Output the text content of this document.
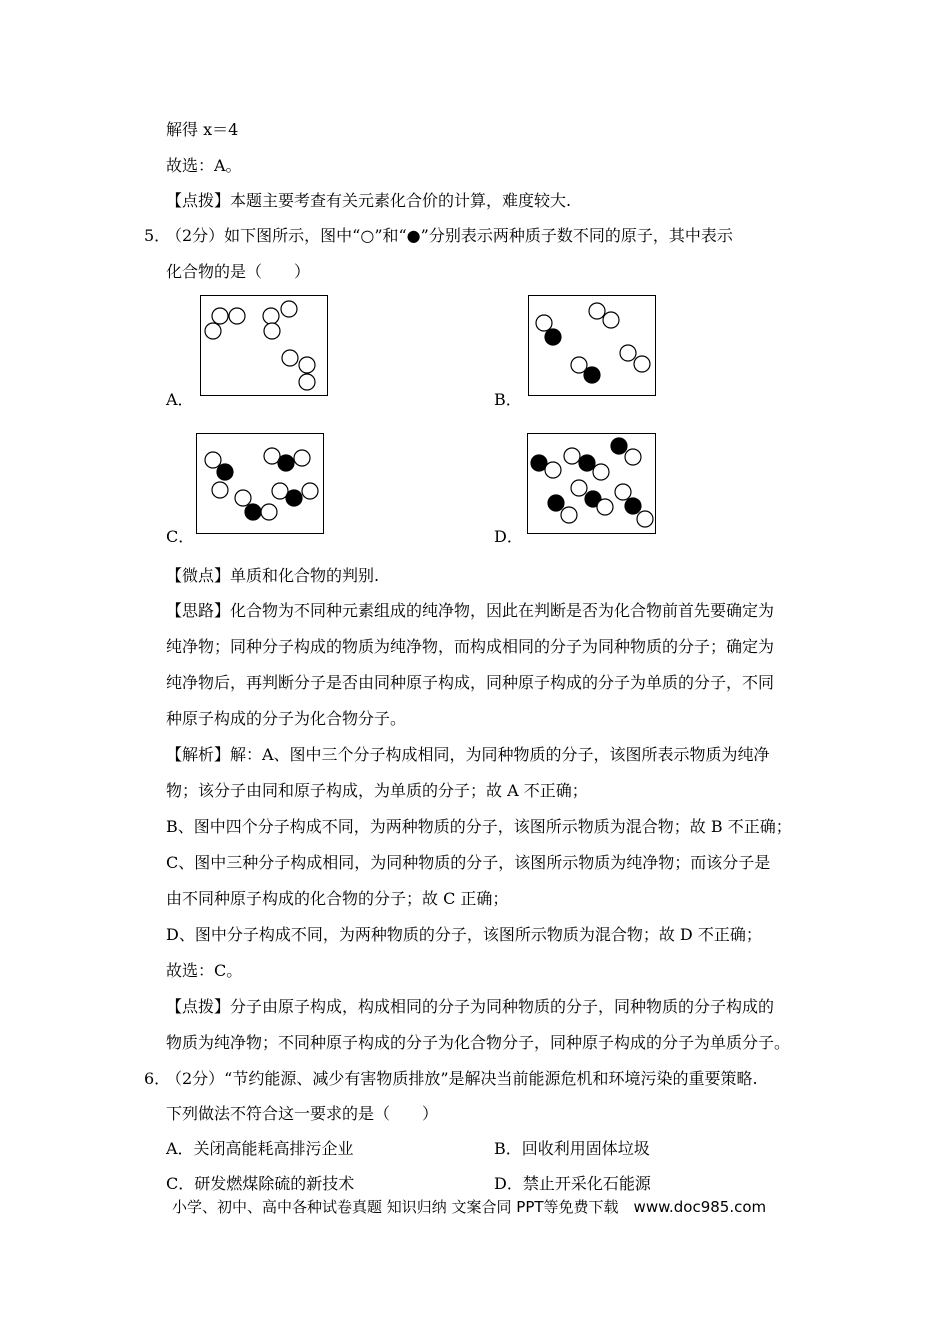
解得 x＝4
故选：A。
【点拨】本题主要考查有关元素化合价的计算，难度较大.
5．
（2分）如下图所示，图中“○”和“●”分别表示两种质子数不同的原子，其中表示
化合物的是（　　）
A．	B．
C．	D．
【微点】单质和化合物的判别.
【思路】化合物为不同种元素组成的纯净物，因此在判断是否为化合物前首先要确定为
纯净物；同种分子构成的物质为纯净物，而构成相同的分子为同种物质的分子；确定为
纯净物后，再判断分子是否由同种原子构成，同种原子构成的分子为单质的分子，不同
种原子构成的分子为化合物分子。
【解析】解：A、图中三个分子构成相同，为同种物质的分子，该图所表示物质为纯净
物；该分子由同和原子构成，为单质的分子；故 A 不正确；
B、图中四个分子构成不同，为两种物质的分子，该图所示物质为混合物；故 B 不正确；
C、图中三种分子构成相同，为同种物质的分子，该图所示物质为纯净物；而该分子是
由不同种原子构成的化合物的分子；故 C 正确；
D、图中分子构成不同，为两种物质的分子，该图所示物质为混合物；故 D 不正确；
故选：C。
【点拨】分子由原子构成，构成相同的分子为同种物质的分子，同种物质的分子构成的
物质为纯净物；不同种原子构成的分子为化合物分子，同种原子构成的分子为单质分子。
6．
（2分）“节约能源、减少有害物质排放”是解决当前能源危机和环境污染的重要策略.
下列做法不符合这一要求的是（　　）
A．关闭高能耗高排污企业	B．回收利用固体垃圾
C．研发燃煤除硫的新技术	D．禁止开采化石能源
小学、初中、高中各种试卷真题 知识归纳 文案合同 PPT等免费下载　www.doc985.com
